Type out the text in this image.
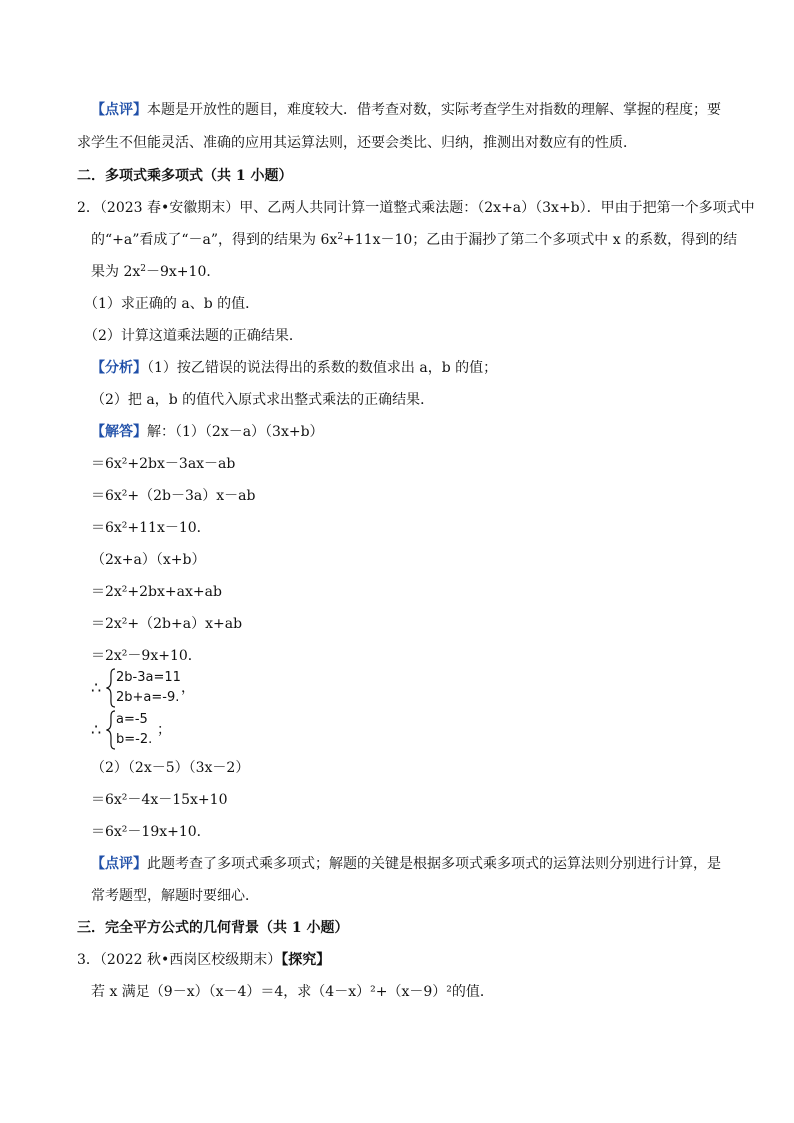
【点评】本题是开放性的题目，难度较大．借考查对数，实际考查学生对指数的理解、掌握的程度；要
求学生不但能灵活、准确的应用其运算法则，还要会类比、归纳，推测出对数应有的性质．
二．多项式乘多项式（共 1 小题）
2．（2023 春•安徽期末）甲、乙两人共同计算一道整式乘法题：（2x+a）（3x+b）．甲由于把第一个多项式中
的“+a”看成了“－a”，得到的结果为 $6x^2+11x-10$；乙由于漏抄了第二个多项式中 x 的系数，得到的结
果为 $2x^2-9x+10$．
（1）求正确的 a、b 的值．
（2）计算这道乘法题的正确结果．
【分析】（1）按乙错误的说法得出的系数的数值求出 a，b 的值；
（2）把 a，b 的值代入原式求出整式乘法的正确结果．
【解答】解：（1）（2x－a）（3x+b）
＝6x²+2bx－3ax－ab
＝6x²+（2b－3a）x－ab
＝6x²+11x－10．
（2x+a）（x+b）
＝2x²+2bx+ax+ab
＝2x²+（2b+a）x+ab
＝2x²－9x+10．
∴
2b-3a=11
2b+a=-9.
，
∴
a=-5
b=-2.
；
（2）（2x－5）（3x－2）
＝6x²－4x－15x+10
＝6x²－19x+10．
【点评】此题考查了多项式乘多项式；解题的关键是根据多项式乘多项式的运算法则分别进行计算，是
常考题型，解题时要细心．
三．完全平方公式的几何背景（共 1 小题）
3．（2022 秋•西岗区校级期末）【探究】
若 x 满足（9－x）（x－4）＝4，求（4－x）²+（x－9）²的值．
